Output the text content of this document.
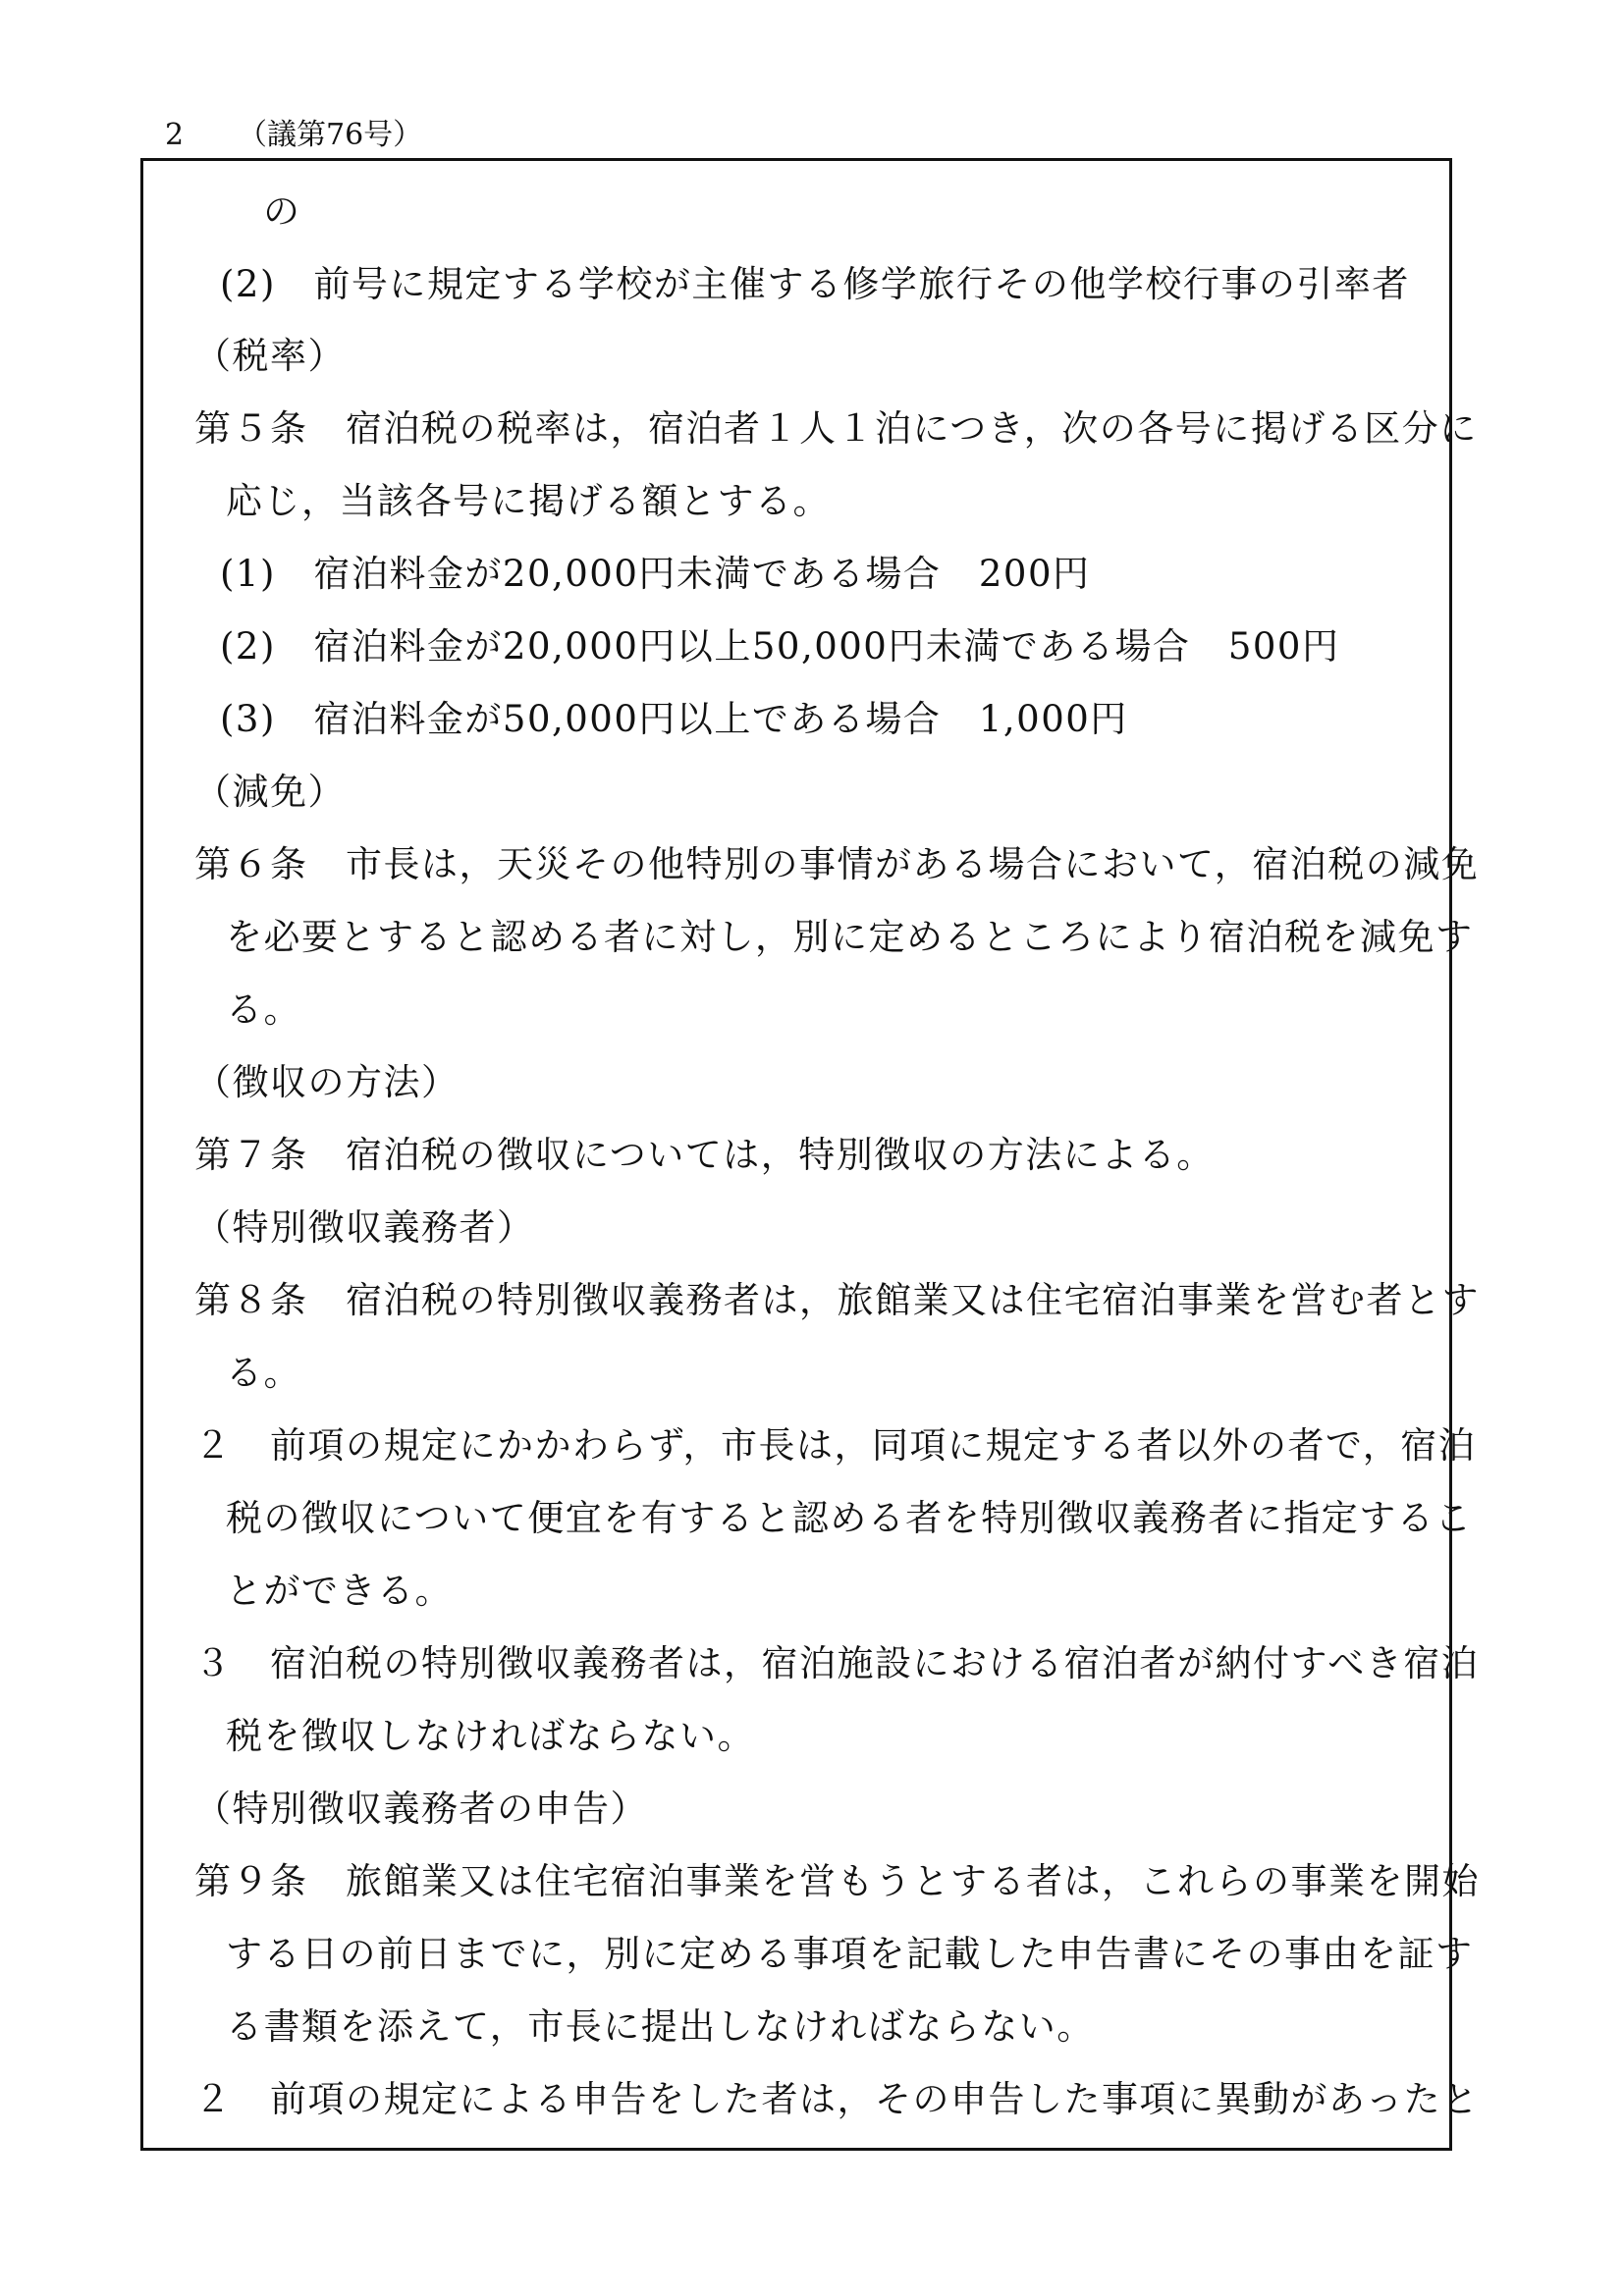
2 （議第76号）
の
(2)　前号に規定する学校が主催する修学旅行その他学校行事の引率者
（税率）
第５条　宿泊税の税率は，宿泊者１人１泊につき，次の各号に掲げる区分に
応じ，当該各号に掲げる額とする。
(1)　宿泊料金が20,000円未満である場合　200円
(2)　宿泊料金が20,000円以上50,000円未満である場合　500円
(3)　宿泊料金が50,000円以上である場合　1,000円
（減免）
第６条　市長は，天災その他特別の事情がある場合において，宿泊税の減免
を必要とすると認める者に対し，別に定めるところにより宿泊税を減免す
る。
（徴収の方法）
第７条　宿泊税の徴収については，特別徴収の方法による。
（特別徴収義務者）
第８条　宿泊税の特別徴収義務者は，旅館業又は住宅宿泊事業を営む者とす
る。
２　前項の規定にかかわらず，市長は，同項に規定する者以外の者で，宿泊
税の徴収について便宜を有すると認める者を特別徴収義務者に指定するこ
とができる。
３　宿泊税の特別徴収義務者は，宿泊施設における宿泊者が納付すべき宿泊
税を徴収しなければならない。
（特別徴収義務者の申告）
第９条　旅館業又は住宅宿泊事業を営もうとする者は，これらの事業を開始
する日の前日までに，別に定める事項を記載した申告書にその事由を証す
る書類を添えて，市長に提出しなければならない。
２　前項の規定による申告をした者は，その申告した事項に異動があったと
